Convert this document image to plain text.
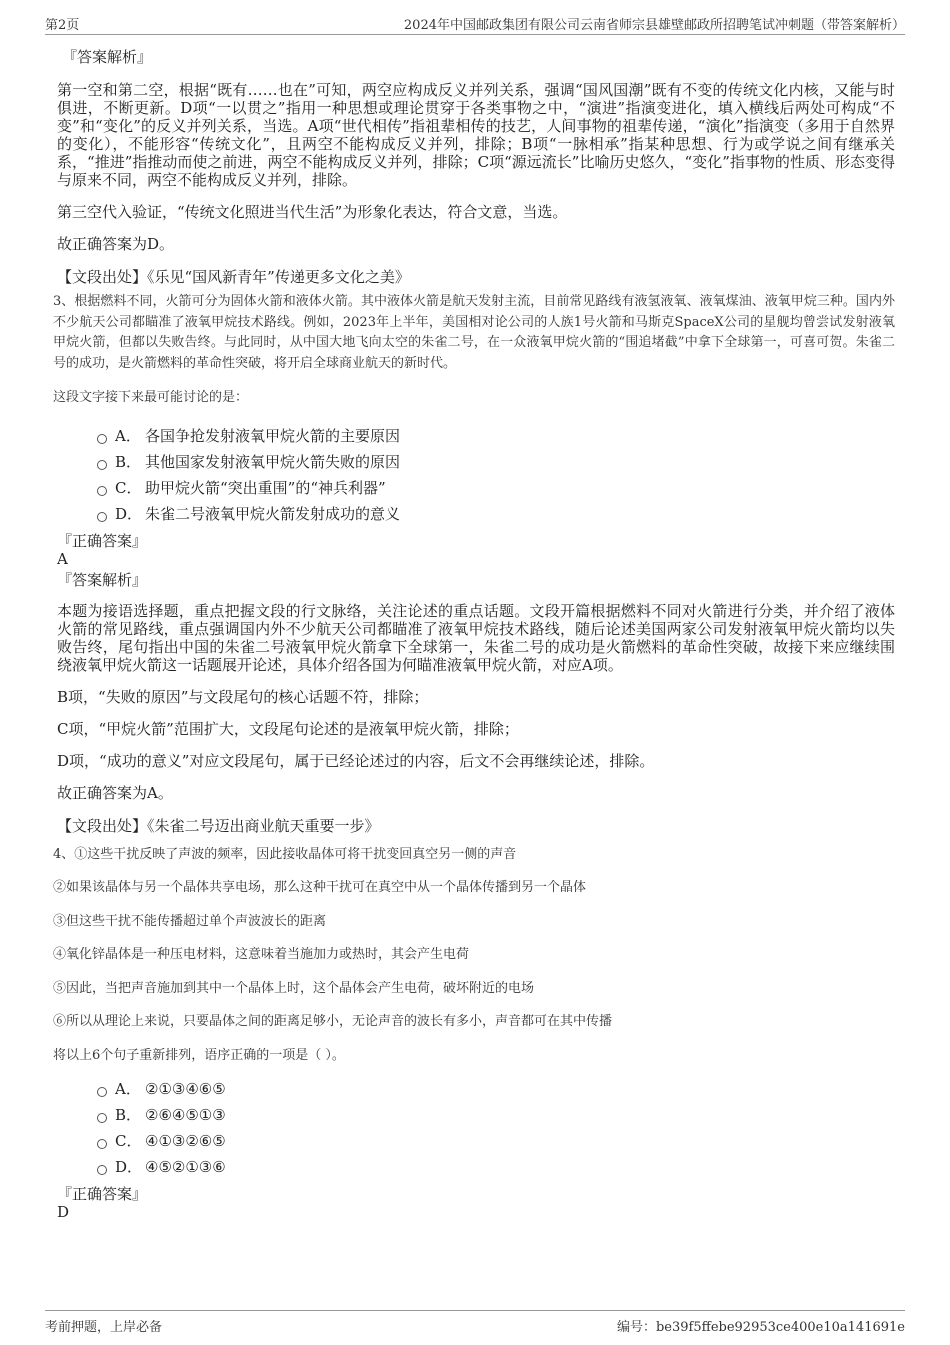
第2页	2024年中国邮政集团有限公司云南省师宗县雄壁邮政所招聘笔试冲刺题（带答案解析）

『答案解析』

第一空和第二空，根据“既有……也在”可知，两空应构成反义并列关系，强调“国风国潮”既有不变的传统文化内核，又能与时俱进，不断更新。D项“一以贯之”指用一种思想或理论贯穿于各类事物之中，“演进”指演变进化，填入横线后两处可构成“不变”和“变化”的反义并列关系，当选。A项“世代相传”指祖辈相传的技艺，人间事物的祖辈传递，“演化”指演变（多用于自然界的变化），不能形容“传统文化”，且两空不能构成反义并列，排除；B项“一脉相承”指某种思想、行为或学说之间有继承关系，“推进”指推动而使之前进，两空不能构成反义并列，排除；C项“源远流长”比喻历史悠久，“变化”指事物的性质、形态变得与原来不同，两空不能构成反义并列，排除。

第三空代入验证，“传统文化照进当代生活”为形象化表达，符合文意，当选。

故正确答案为D。

【文段出处】《乐见“国风新青年”传递更多文化之美》

3、根据燃料不同，火箭可分为固体火箭和液体火箭。其中液体火箭是航天发射主流，目前常见路线有液氢液氧、液氧煤油、液氧甲烷三种。国内外不少航天公司都瞄准了液氧甲烷技术路线。例如，2023年上半年，美国相对论公司的人族1号火箭和马斯克SpaceX公司的星舰均曾尝试发射液氧甲烷火箭，但都以失败告终。与此同时，从中国大地飞向太空的朱雀二号，在一众液氧甲烷火箭的“围追堵截”中拿下全球第一，可喜可贺。朱雀二号的成功，是火箭燃料的革命性突破，将开启全球商业航天的新时代。

这段文字接下来最可能讨论的是：

A． 各国争抢发射液氧甲烷火箭的主要原因
B． 其他国家发射液氧甲烷火箭失败的原因
C． 助甲烷火箭“突出重围”的“神兵利器”
D． 朱雀二号液氧甲烷火箭发射成功的意义

『正确答案』

A

『答案解析』

本题为接语选择题，重点把握文段的行文脉络，关注论述的重点话题。文段开篇根据燃料不同对火箭进行分类，并介绍了液体火箭的常见路线，重点强调国内外不少航天公司都瞄准了液氧甲烷技术路线，随后论述美国两家公司发射液氧甲烷火箭均以失败告终，尾句指出中国的朱雀二号液氧甲烷火箭拿下全球第一，朱雀二号的成功是火箭燃料的革命性突破，故接下来应继续围绕液氧甲烷火箭这一话题展开论述，具体介绍各国为何瞄准液氧甲烷火箭，对应A项。

B项，“失败的原因”与文段尾句的核心话题不符，排除；

C项，“甲烷火箭”范围扩大，文段尾句论述的是液氧甲烷火箭，排除；

D项，“成功的意义”对应文段尾句，属于已经论述过的内容，后文不会再继续论述，排除。

故正确答案为A。

【文段出处】《朱雀二号迈出商业航天重要一步》

4、①这些干扰反映了声波的频率，因此接收晶体可将干扰变回真空另一侧的声音

②如果该晶体与另一个晶体共享电场，那么这种干扰可在真空中从一个晶体传播到另一个晶体

③但这些干扰不能传播超过单个声波波长的距离

④氧化锌晶体是一种压电材料，这意味着当施加力或热时，其会产生电荷

⑤因此，当把声音施加到其中一个晶体上时，这个晶体会产生电荷，破坏附近的电场

⑥所以从理论上来说，只要晶体之间的距离足够小，无论声音的波长有多小，声音都可在其中传播

将以上6个句子重新排列，语序正确的一项是（ ）。

A． ②①③④⑥⑤
B． ②⑥④⑤①③
C． ④①③②⑥⑤
D． ④⑤②①③⑥

『正确答案』

D

考前押题，上岸必备	编号：be39f5ffebe92953ce400e10a141691e
